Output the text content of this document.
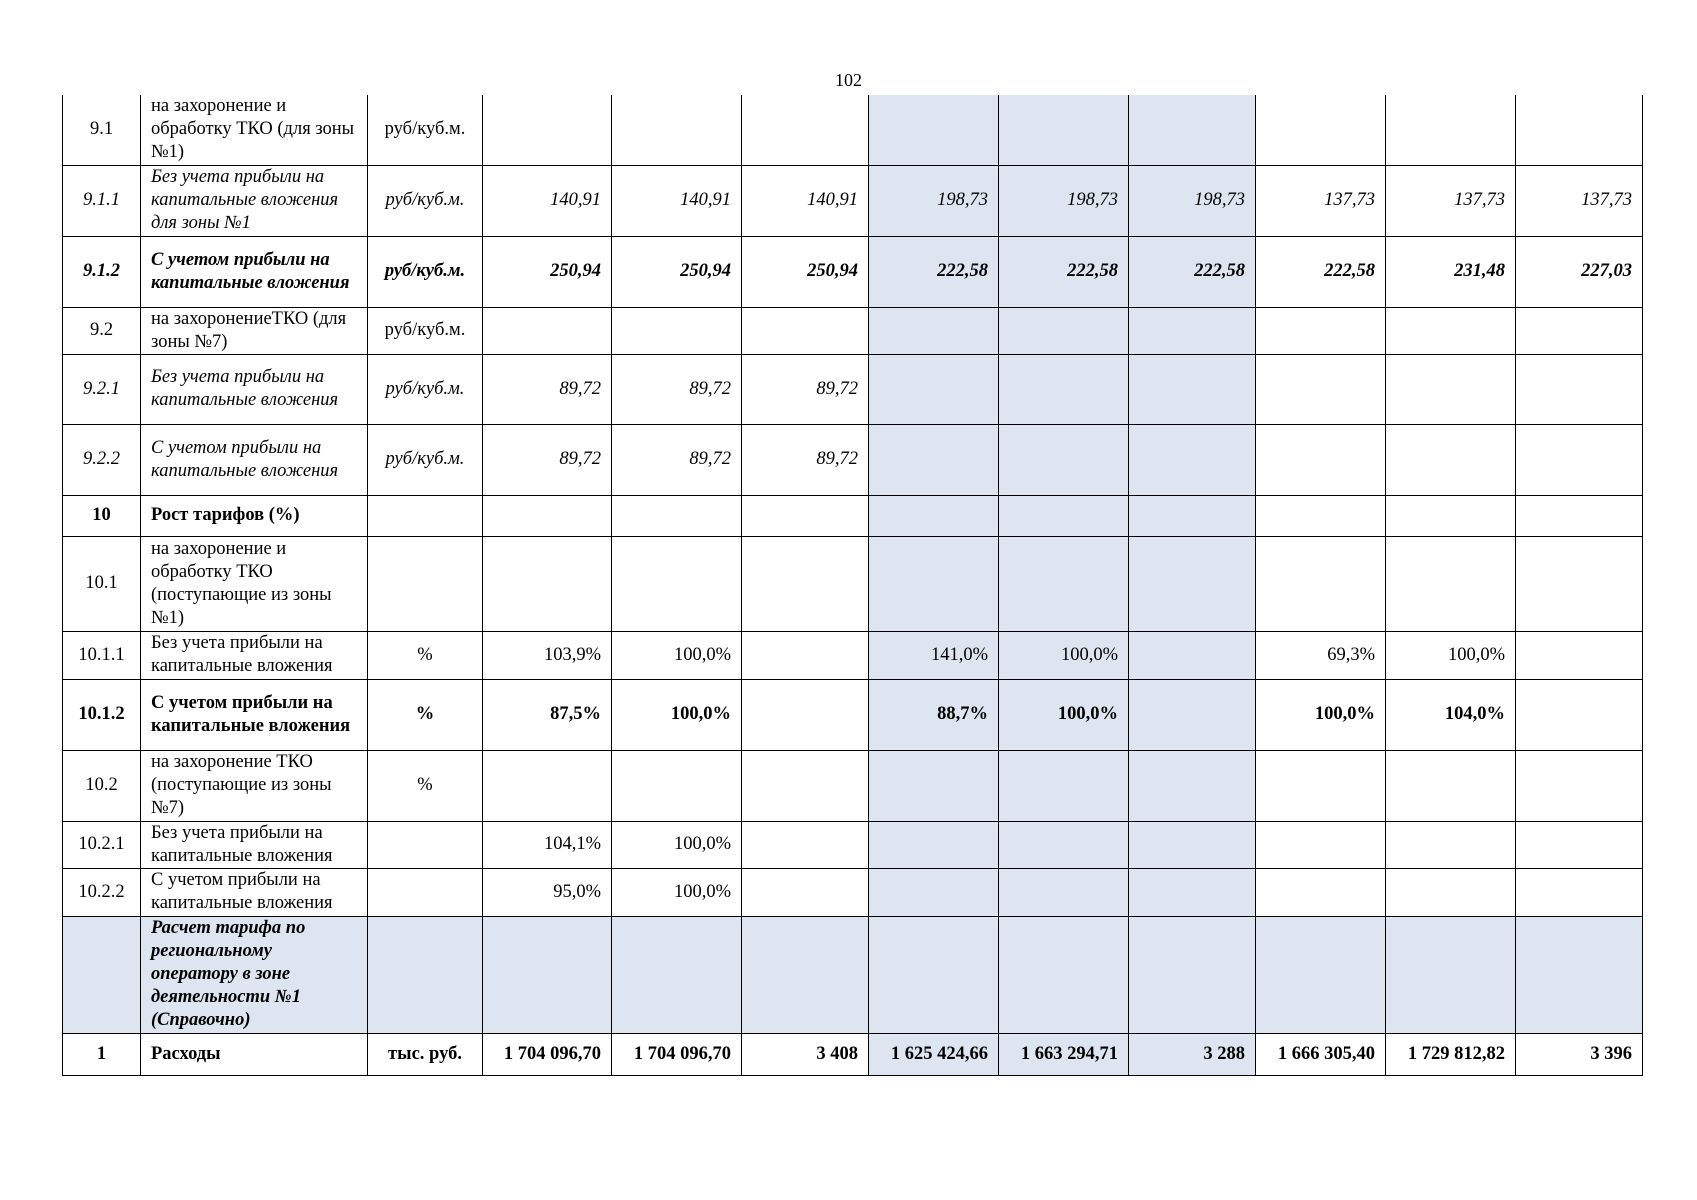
102
9.1	на захоронение и обработку ТКО (для зоны №1)	руб/куб.м.									
9.1.1	Без учета прибыли на капитальные вложения для зоны №1	руб/куб.м.	140,91	140,91	140,91	198,73	198,73	198,73	137,73	137,73	137,73
9.1.2	С учетом прибыли на капитальные вложения	руб/куб.м.	250,94	250,94	250,94	222,58	222,58	222,58	222,58	231,48	227,03
9.2	на захоронениеТКО (для зоны №7)	руб/куб.м.									
9.2.1	Без учета прибыли на капитальные вложения	руб/куб.м.	89,72	89,72	89,72						
9.2.2	С учетом прибыли на капитальные вложения	руб/куб.м.	89,72	89,72	89,72						
10	Рост тарифов (%)										
10.1	на захоронение и обработку ТКО (поступающие из зоны №1)										
10.1.1	Без учета прибыли на капитальные вложения	%	103,9%	100,0%		141,0%	100,0%		69,3%	100,0%	
10.1.2	С учетом прибыли на капитальные вложения	%	87,5%	100,0%		88,7%	100,0%		100,0%	104,0%	
10.2	на захоронение ТКО (поступающие из зоны №7)	%									
10.2.1	Без учета прибыли на капитальные вложения		104,1%	100,0%							
10.2.2	С учетом прибыли на капитальные вложения		95,0%	100,0%							
	Расчет тарифа по региональному оператору в зоне деятельности №1 (Справочно)										
1	Расходы	тыс. руб.	1 704 096,70	1 704 096,70	3 408	1 625 424,66	1 663 294,71	3 288	1 666 305,40	1 729 812,82	3 396
